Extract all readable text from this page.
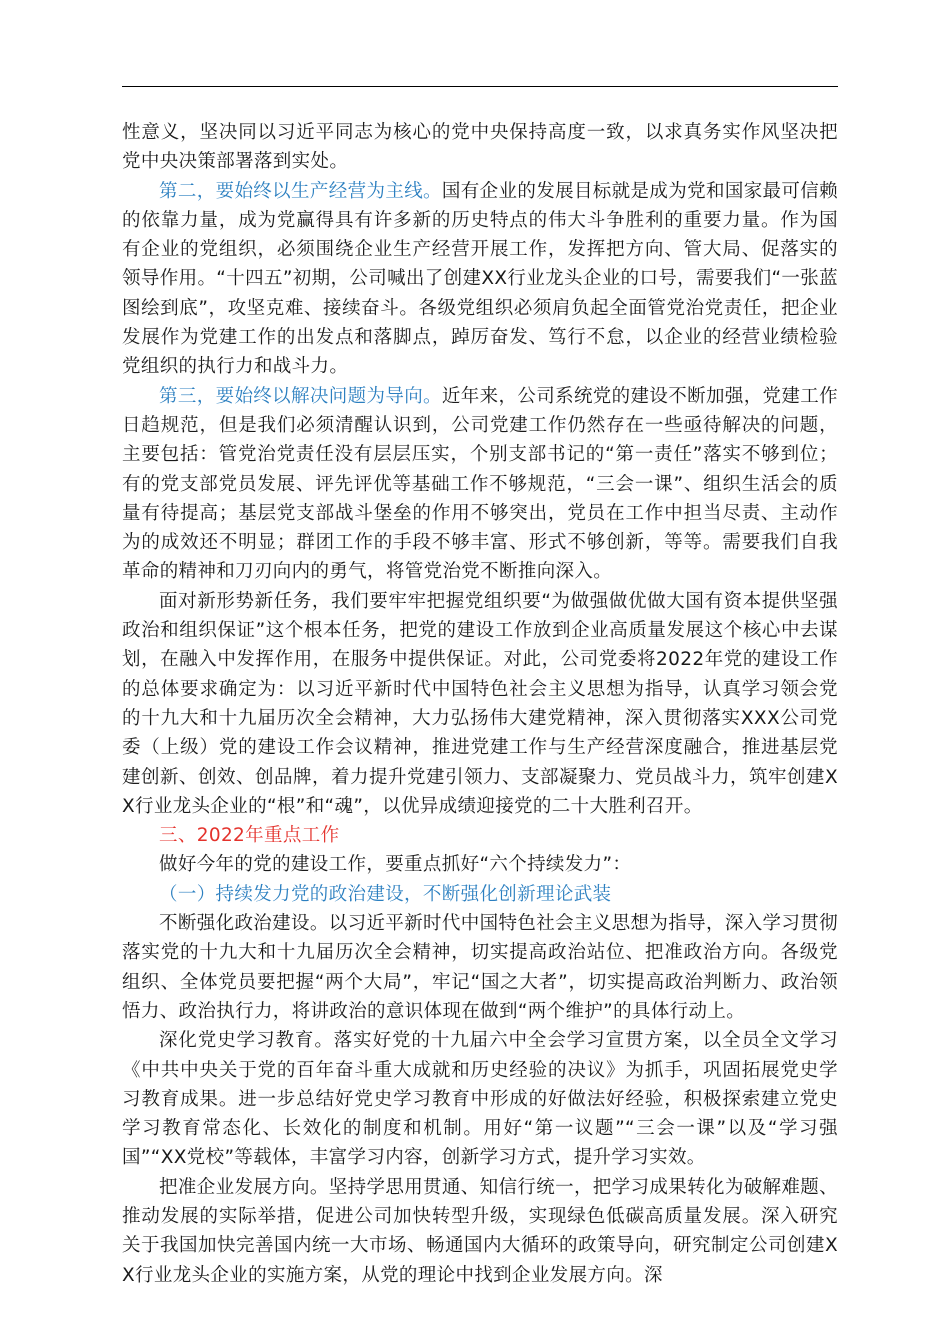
性意义，坚决同以习近平同志为核心的党中央保持高度一致，以求真务实作风坚决把党中央决策部署落到实处。

第二，要始终以生产经营为主线。国有企业的发展目标就是成为党和国家最可信赖的依靠力量，成为党赢得具有许多新的历史特点的伟大斗争胜利的重要力量。作为国有企业的党组织，必须围绕企业生产经营开展工作，发挥把方向、管大局、促落实的领导作用。“十四五”初期，公司喊出了创建XX行业龙头企业的口号，需要我们“一张蓝图绘到底”，攻坚克难、接续奋斗。各级党组织必须肩负起全面管党治党责任，把企业发展作为党建工作的出发点和落脚点，踔厉奋发、笃行不怠，以企业的经营业绩检验党组织的执行力和战斗力。

第三，要始终以解决问题为导向。近年来，公司系统党的建设不断加强，党建工作日趋规范，但是我们必须清醒认识到，公司党建工作仍然存在一些亟待解决的问题，主要包括：管党治党责任没有层层压实，个别支部书记的“第一责任”落实不够到位；有的党支部党员发展、评先评优等基础工作不够规范，“三会一课”、组织生活会的质量有待提高；基层党支部战斗堡垒的作用不够突出，党员在工作中担当尽责、主动作为的成效还不明显；群团工作的手段不够丰富、形式不够创新，等等。需要我们自我革命的精神和刀刃向内的勇气，将管党治党不断推向深入。

面对新形势新任务，我们要牢牢把握党组织要“为做强做优做大国有资本提供坚强政治和组织保证”这个根本任务，把党的建设工作放到企业高质量发展这个核心中去谋划，在融入中发挥作用，在服务中提供保证。对此，公司党委将2022年党的建设工作的总体要求确定为：以习近平新时代中国特色社会主义思想为指导，认真学习领会党的十九大和十九届历次全会精神，大力弘扬伟大建党精神，深入贯彻落实XXX公司党委（上级）党的建设工作会议精神，推进党建工作与生产经营深度融合，推进基层党建创新、创效、创品牌，着力提升党建引领力、支部凝聚力、党员战斗力，筑牢创建XX行业龙头企业的“根”和“魂”，以优异成绩迎接党的二十大胜利召开。

三、2022年重点工作

做好今年的党的建设工作，要重点抓好“六个持续发力”：

（一）持续发力党的政治建设，不断强化创新理论武装

不断强化政治建设。以习近平新时代中国特色社会主义思想为指导，深入学习贯彻落实党的十九大和十九届历次全会精神，切实提高政治站位、把准政治方向。各级党组织、全体党员要把握“两个大局”，牢记“国之大者”，切实提高政治判断力、政治领悟力、政治执行力，将讲政治的意识体现在做到“两个维护”的具体行动上。

深化党史学习教育。落实好党的十九届六中全会学习宣贯方案，以全员全文学习《中共中央关于党的百年奋斗重大成就和历史经验的决议》为抓手，巩固拓展党史学习教育成果。进一步总结好党史学习教育中形成的好做法好经验，积极探索建立党史学习教育常态化、长效化的制度和机制。用好“第一议题”“三会一课”以及“学习强国”“XX党校”等载体，丰富学习内容，创新学习方式，提升学习实效。

把准企业发展方向。坚持学思用贯通、知信行统一，把学习成果转化为破解难题、推动发展的实际举措，促进公司加快转型升级，实现绿色低碳高质量发展。深入研究关于我国加快完善国内统一大市场、畅通国内大循环的政策导向，研究制定公司创建XX行业龙头企业的实施方案，从党的理论中找到企业发展方向。深
